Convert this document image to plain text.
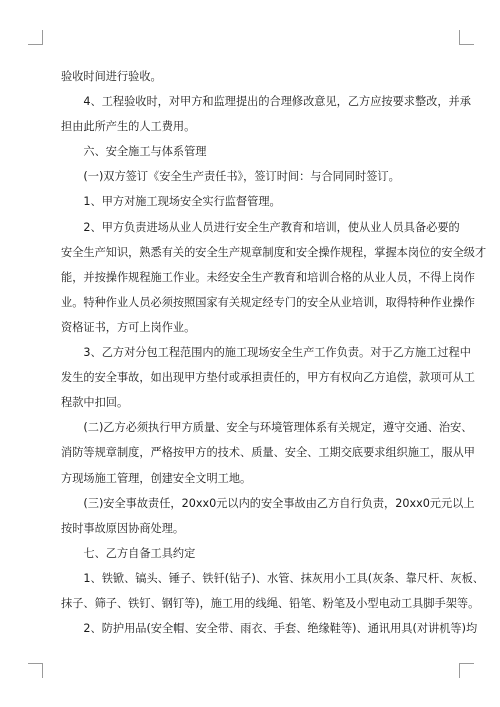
验收时间进行验收。
4、工程验收时，对甲方和监理提出的合理修改意见，乙方应按要求整改，并承
担由此所产生的人工费用。
六、安全施工与体系管理
(一)双方签订《安全生产责任书》，签订时间：与合同同时签订。
1、甲方对施工现场安全实行监督管理。
2、甲方负责进场从业人员进行安全生产教育和培训，使从业人员具备必要的
安全生产知识，熟悉有关的安全生产规章制度和安全操作规程，掌握本岗位的安全级才
能，并按操作规程施工作业。未经安全生产教育和培训合格的从业人员，不得上岗作
业。特种作业人员必须按照国家有关规定经专门的安全从业培训，取得特种作业操作
资格证书，方可上岗作业。
3、乙方对分包工程范围内的施工现场安全生产工作负责。对于乙方施工过程中
发生的安全事故，如出现甲方垫付或承担责任的，甲方有权向乙方追偿，款项可从工
程款中扣回。
(二)乙方必须执行甲方质量、安全与环境管理体系有关规定，遵守交通、治安、
消防等规章制度，严格按甲方的技术、质量、安全、工期交底要求组织施工，服从甲
方现场施工管理，创建安全文明工地。
(三)安全事故责任，20xx0元以内的安全事故由乙方自行负责，20xx0元元以上
按时事故原因协商处理。
七、乙方自备工具约定
1、铁锨、镐头、锤子、铁钎(钻子)、水管、抹灰用小工具(灰条、靠尺杆、灰板、
抹子、筛子、铁钉、钢钉等)，施工用的线绳、铅笔、粉笔及小型电动工具脚手架等。
2、防护用品(安全帽、安全带、雨衣、手套、绝缘鞋等)、通讯用具(对讲机等)均
